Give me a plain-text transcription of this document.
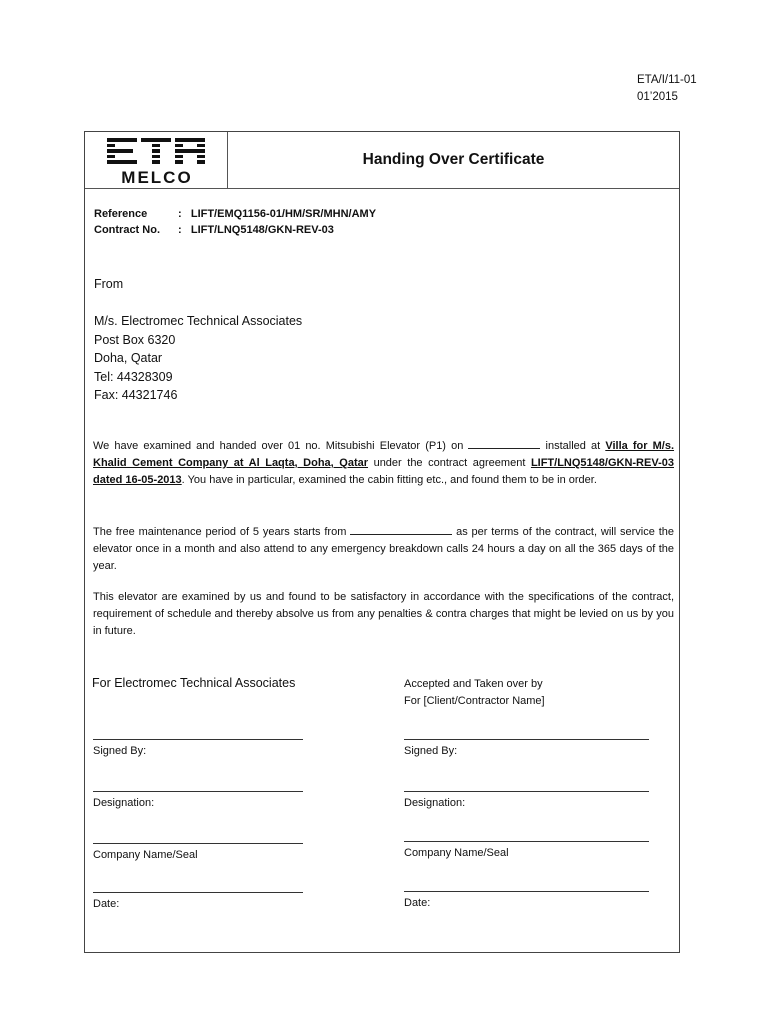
ETA/I/11-01
01’2015
MELCO
Handing Over Certificate
Reference	: LIFT/EMQ1156-01/HM/SR/MHN/AMY
Contract No. : LIFT/LNQ5148/GKN-REV-03
From
M/s. Electromec Technical Associates
Post Box 6320
Doha, Qatar
Tel: 44328309
Fax: 44321746
We have examined and handed over 01 no. Mitsubishi Elevator (P1) on	installed at Villa for M/s. Khalid Cement Company at Al Laqta, Doha, Qatar under the contract agreement LIFT/LNQ5148/GKN-REV-03 dated 16-05-2013. You have in particular, examined the cabin fitting etc., and found them to be in order.
The free maintenance period of 5 years starts from	as per terms of the contract, will service the elevator once in a month and also attend to any emergency breakdown calls 24 hours a day on all the 365 days of the year.
This elevator are examined by us and found to be satisfactory in accordance with the specifications of the contract, requirement of schedule and thereby absolve us from any penalties & contra charges that might be levied on us by you in future.
For Electromec Technical Associates	Accepted and Taken over by
For [Client/Contractor Name]
Signed By:
Designation:
Company Name/Seal
Date:
Signed By:
Designation:
Company Name/Seal
Date:
